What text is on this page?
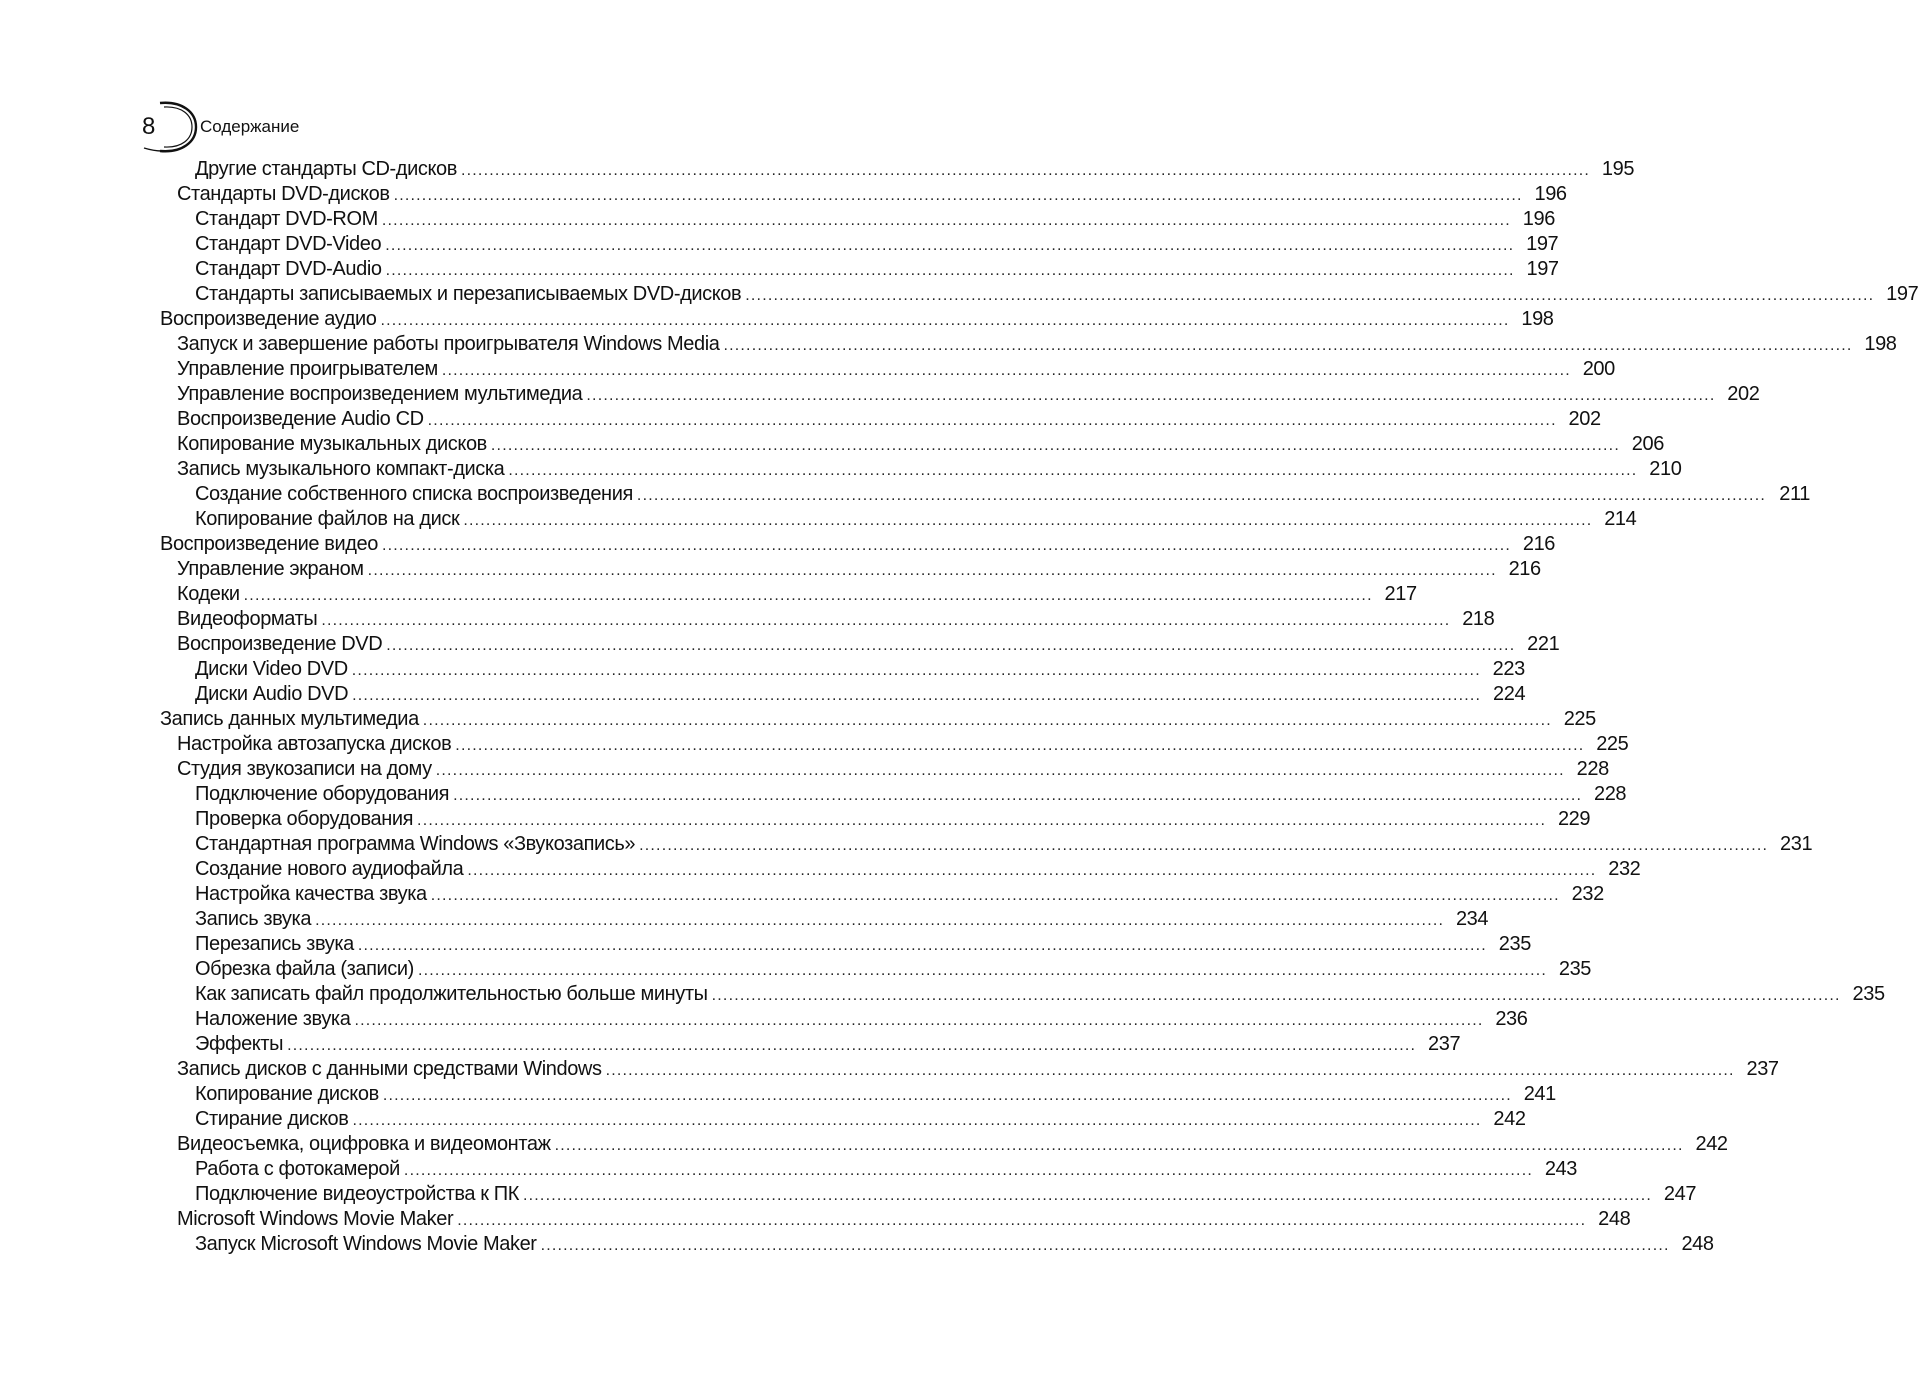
8	Содержание
Другие стандарты CD-дисков ........................................................................................................................................................................................................ 195
Стандарты DVD-дисков ........................................................................................................................................................................................................ 196
Стандарт DVD-ROM ........................................................................................................................................................................................................ 196
Стандарт DVD-Video ........................................................................................................................................................................................................ 197
Стандарт DVD-Audio ........................................................................................................................................................................................................ 197
Стандарты записываемых и перезаписываемых DVD-дисков ........................................................................................................................................................................................................ 197
Воспроизведение аудио ........................................................................................................................................................................................................ 198
Запуск и завершение работы проигрывателя Windows Media ........................................................................................................................................................................................................ 198
Управление проигрывателем ........................................................................................................................................................................................................ 200
Управление воспроизведением мультимедиа ........................................................................................................................................................................................................ 202
Воспроизведение Audio CD ........................................................................................................................................................................................................ 202
Копирование музыкальных дисков ........................................................................................................................................................................................................ 206
Запись музыкального компакт-диска ........................................................................................................................................................................................................ 210
Создание собственного списка воспроизведения ........................................................................................................................................................................................................ 211
Копирование файлов на диск ........................................................................................................................................................................................................ 214
Воспроизведение видео ........................................................................................................................................................................................................ 216
Управление экраном ........................................................................................................................................................................................................ 216
Кодеки ........................................................................................................................................................................................................ 217
Видеоформаты ........................................................................................................................................................................................................ 218
Воспроизведение DVD ........................................................................................................................................................................................................ 221
Диски Video DVD ........................................................................................................................................................................................................ 223
Диски Audio DVD ........................................................................................................................................................................................................ 224
Запись данных мультимедиа ........................................................................................................................................................................................................ 225
Настройка автозапуска дисков ........................................................................................................................................................................................................ 225
Студия звукозаписи на дому ........................................................................................................................................................................................................ 228
Подключение оборудования ........................................................................................................................................................................................................ 228
Проверка оборудования ........................................................................................................................................................................................................ 229
Стандартная программа Windows «Звукозапись» ........................................................................................................................................................................................................ 231
Создание нового аудиофайла ........................................................................................................................................................................................................ 232
Настройка качества звука ........................................................................................................................................................................................................ 232
Запись звука ........................................................................................................................................................................................................ 234
Перезапись звука ........................................................................................................................................................................................................ 235
Обрезка файла (записи) ........................................................................................................................................................................................................ 235
Как записать файл продолжительностью больше минуты ........................................................................................................................................................................................................ 235
Наложение звука ........................................................................................................................................................................................................ 236
Эффекты ........................................................................................................................................................................................................ 237
Запись дисков с данными средствами Windows ........................................................................................................................................................................................................ 237
Копирование дисков ........................................................................................................................................................................................................ 241
Стирание дисков ........................................................................................................................................................................................................ 242
Видеосъемка, оцифровка и видеомонтаж ........................................................................................................................................................................................................ 242
Работа с фотокамерой ........................................................................................................................................................................................................ 243
Подключение видеоустройства к ПК ........................................................................................................................................................................................................ 247
Microsoft Windows Movie Maker ........................................................................................................................................................................................................ 248
Запуск Microsoft Windows Movie Maker ........................................................................................................................................................................................................ 248
